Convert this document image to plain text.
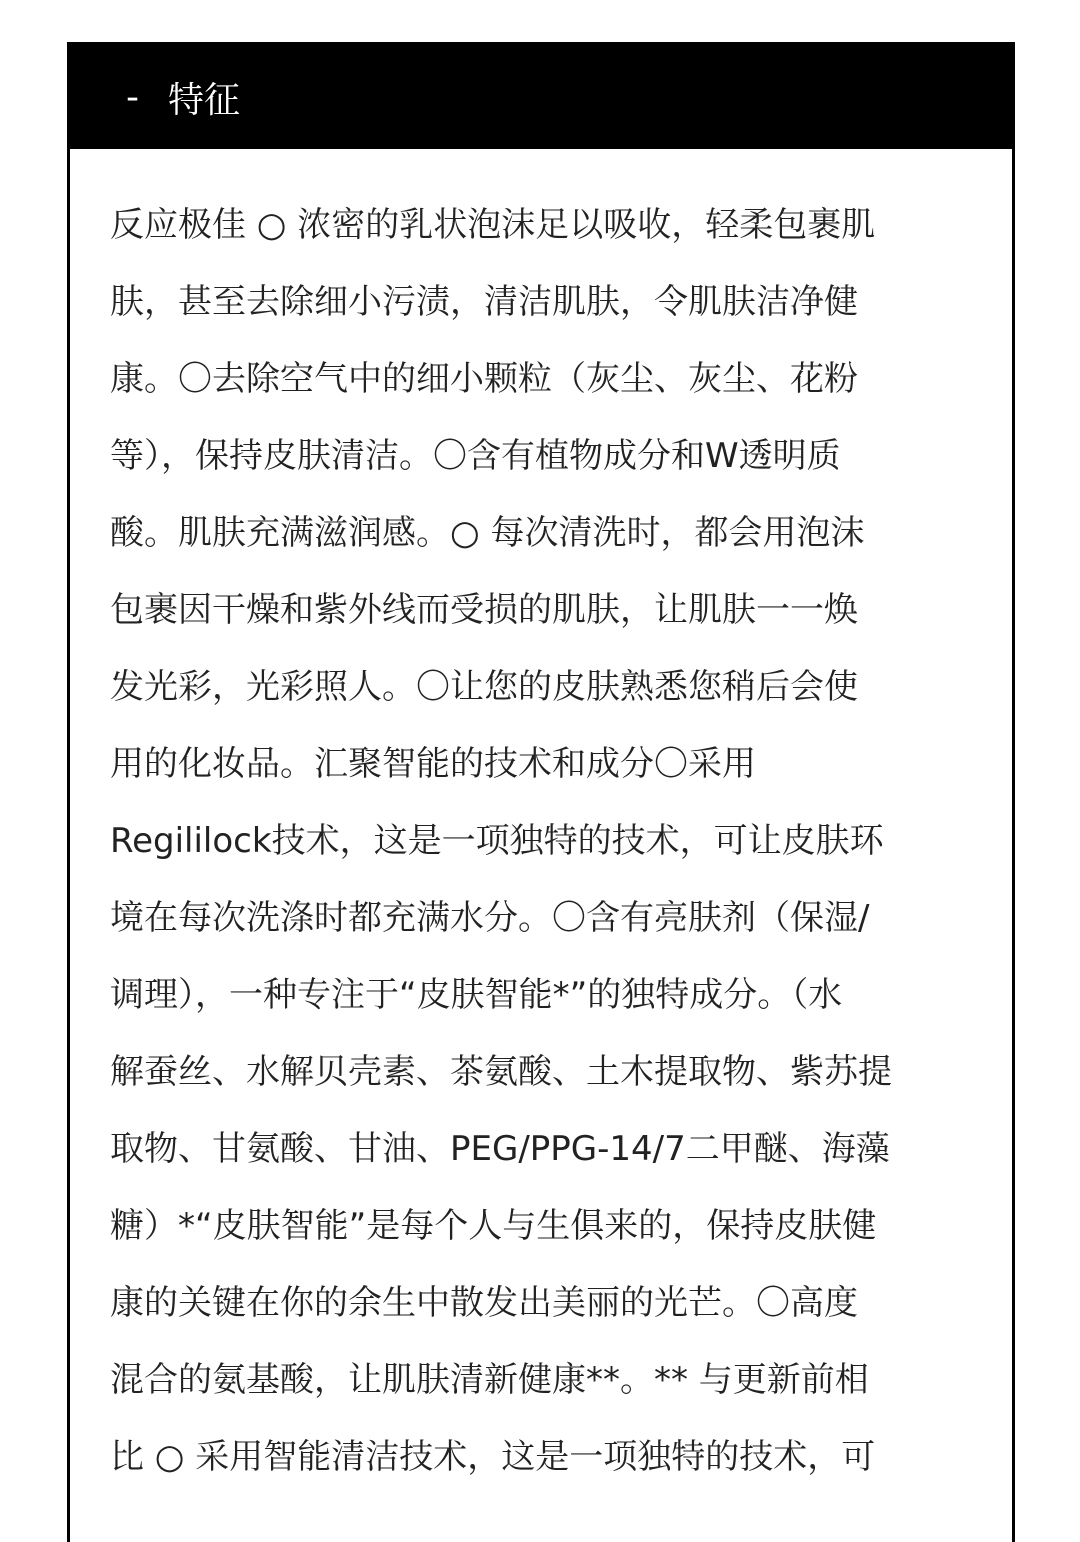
- 特征

反应极佳 ○ 浓密的乳状泡沫足以吸收，轻柔包裹肌

肤，甚至去除细小污渍，清洁肌肤，令肌肤洁净健

康。〇去除空气中的细小颗粒（灰尘、灰尘、花粉

等），保持皮肤清洁。〇含有植物成分和W透明质

酸。肌肤充满滋润感。○ 每次清洗时，都会用泡沫

包裹因干燥和紫外线而受损的肌肤，让肌肤一一焕

发光彩，光彩照人。〇让您的皮肤熟悉您稍后会使

用的化妆品。汇聚智能的技术和成分〇采用

Regililock技术，这是一项独特的技术，可让皮肤环

境在每次洗涤时都充满水分。〇含有亮肤剂（保湿/

调理），一种专注于“皮肤智能*”的独特成分。（水

解蚕丝、水解贝壳素、茶氨酸、土木提取物、紫苏提

取物、甘氨酸、甘油、PEG/PPG-14/7二甲醚、海藻

糖）*“皮肤智能”是每个人与生俱来的，保持皮肤健

康的关键在你的余生中散发出美丽的光芒。〇高度

混合的氨基酸，让肌肤清新健康**。** 与更新前相

比 ○ 采用智能清洁技术，这是一项独特的技术，可
